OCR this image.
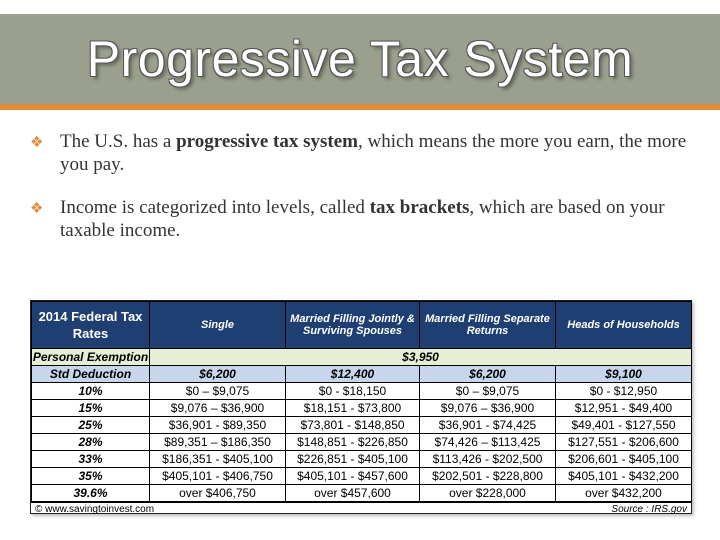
Progressive Tax System
❖ The U.S. has a progressive tax system, which means the more you earn, the more you pay.
❖ Income is categorized into levels, called tax brackets, which are based on your taxable income.
2014 Federal Tax Rates	Single	Married Filling Jointly & Surviving Spouses	Married Filling Separate Returns	Heads of Households
Personal Exemption	$3,950			
Std Deduction	$6,200	$12,400	$6,200	$9,100
10%	$0 – $9,075	$0 - $18,150	$0 – $9,075	$0 - $12,950
15%	$9,076 – $36,900	$18,151 - $73,800	$9,076 – $36,900	$12,951 - $49,400
25%	$36,901 - $89,350	$73,801 - $148,850	$36,901 - $74,425	$49,401 - $127,550
28%	$89,351 – $186,350	$148,851 - $226,850	$74,426 – $113,425	$127,551 - $206,600
33%	$186,351 - $405,100	$226,851 - $405,100	$113,426 - $202,500	$206,601 - $405,100
35%	$405,101 - $406,750	$405,101 - $457,600	$202,501 - $228,800	$405,101 - $432,200
39.6%	over $406,750	over $457,600	over $228,000	over $432,200
© www.savingtoinvest.com	Source : IRS.gov
